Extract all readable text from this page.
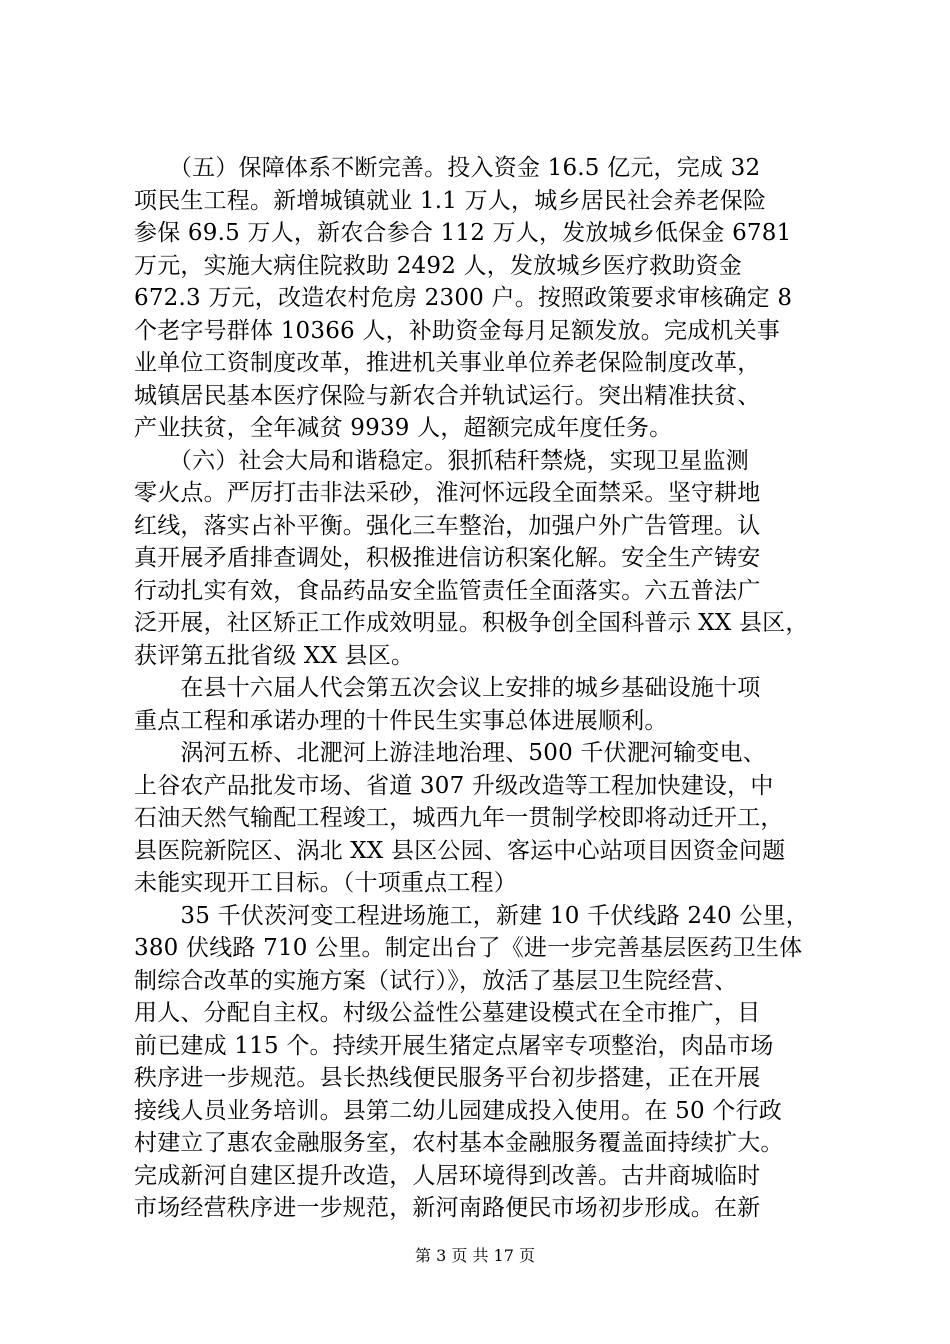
　　（五）保障体系不断完善。投入资金 16.5 亿元，完成 32
项民生工程。新增城镇就业 1.1 万人，城乡居民社会养老保险
参保 69.5 万人，新农合参合 112 万人，发放城乡低保金 6781
万元，实施大病住院救助 2492 人，发放城乡医疗救助资金
672.3 万元，改造农村危房 2300 户。按照政策要求审核确定 8
个老字号群体 10366 人，补助资金每月足额发放。完成机关事
业单位工资制度改革，推进机关事业单位养老保险制度改革，
城镇居民基本医疗保险与新农合并轨试运行。突出精准扶贫、
产业扶贫，全年减贫 9939 人，超额完成年度任务。
　　（六）社会大局和谐稳定。狠抓秸秆禁烧，实现卫星监测
零火点。严厉打击非法采砂，淮河怀远段全面禁采。坚守耕地
红线，落实占补平衡。强化三车整治，加强户外广告管理。认
真开展矛盾排查调处，积极推进信访积案化解。安全生产铸安
行动扎实有效，食品药品安全监管责任全面落实。六五普法广
泛开展，社区矫正工作成效明显。积极争创全国科普示 XX 县区，
获评第五批省级 XX 县区。
　　在县十六届人代会第五次会议上安排的城乡基础设施十项
重点工程和承诺办理的十件民生实事总体进展顺利。
　　涡河五桥、北淝河上游洼地治理、500 千伏淝河输变电、
上谷农产品批发市场、省道 307 升级改造等工程加快建设，中
石油天然气输配工程竣工，城西九年一贯制学校即将动迁开工，
县医院新院区、涡北 XX 县区公园、客运中心站项目因资金问题
未能实现开工目标。（十项重点工程）
　　35 千伏茨河变工程进场施工，新建 10 千伏线路 240 公里，
380 伏线路 710 公里。制定出台了《进一步完善基层医药卫生体
制综合改革的实施方案（试行）》，放活了基层卫生院经营、
用人、分配自主权。村级公益性公墓建设模式在全市推广，目
前已建成 115 个。持续开展生猪定点屠宰专项整治，肉品市场
秩序进一步规范。县长热线便民服务平台初步搭建，正在开展
接线人员业务培训。县第二幼儿园建成投入使用。在 50 个行政
村建立了惠农金融服务室，农村基本金融服务覆盖面持续扩大。
完成新河自建区提升改造，人居环境得到改善。古井商城临时
市场经营秩序进一步规范，新河南路便民市场初步形成。在新
第 3 页 共 17 页
